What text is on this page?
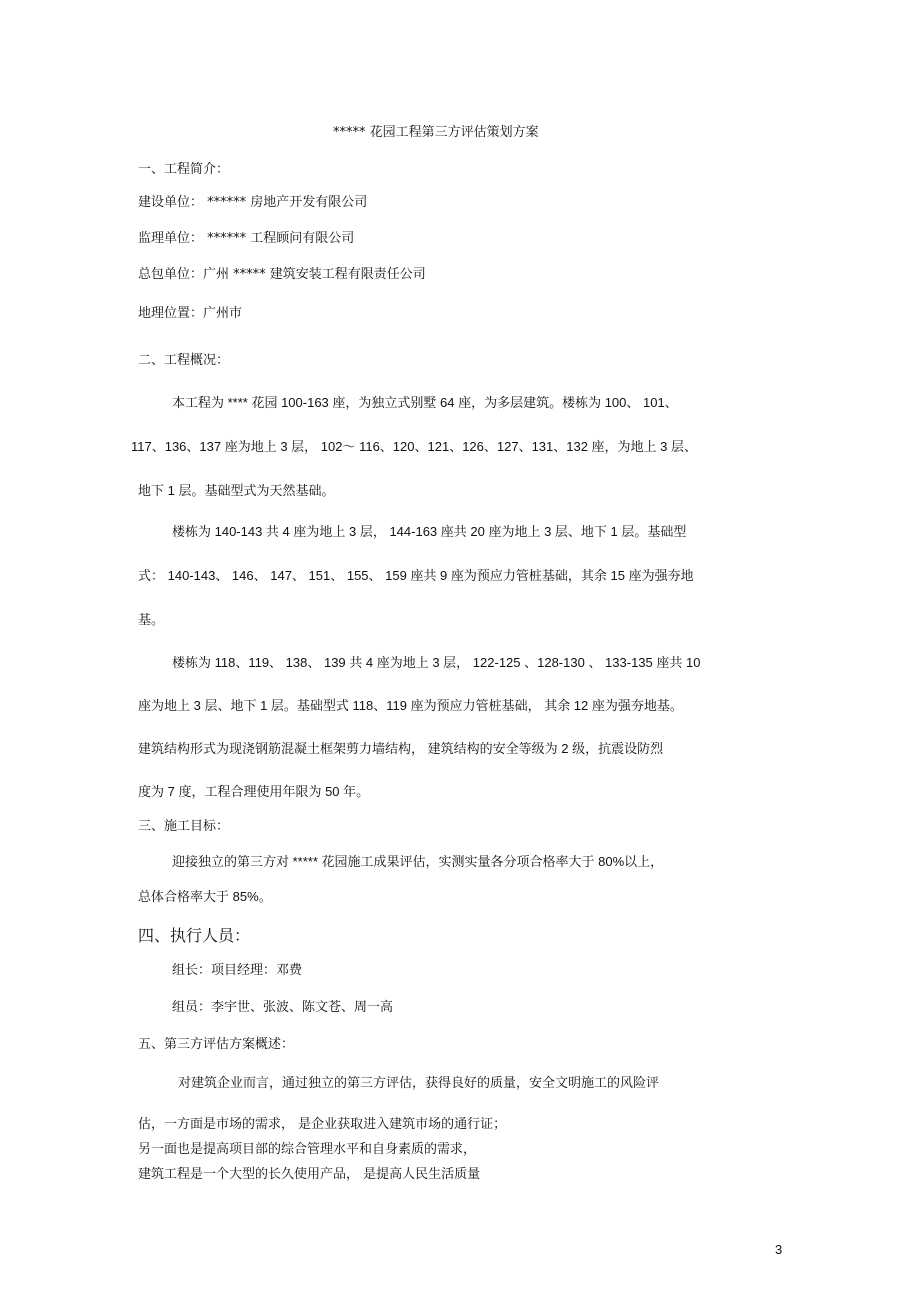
***** 花园工程第三方评估策划方案
一、工程简介：
建设单位： ****** 房地产开发有限公司
监理单位： ****** 工程顾问有限公司
总包单位：广州 ***** 建筑安装工程有限责任公司
地理位置：广州市
二、工程概况：
本工程为 **** 花园 100-163 座，为独立式别墅 64 座，为多层建筑。楼栋为 100、 101、
117、136、137 座为地上 3 层， 102～ 116、120、121、126、127、131、132 座，为地上 3 层、
地下 1 层。基础型式为天然基础。
楼栋为 140-143 共 4 座为地上 3 层， 144-163 座共 20 座为地上 3 层、地下 1 层。基础型
式： 140-143、 146、 147、 151、 155、 159 座共 9 座为预应力管桩基础，其余 15 座为强夯地
基。
楼栋为 118、119、 138、 139 共 4 座为地上 3 层， 122-125 、128-130 、 133-135 座共 10
座为地上 3 层、地下 1 层。基础型式 118、119 座为预应力管桩基础， 其余 12 座为强夯地基。
建筑结构形式为现浇钢筋混凝土框架剪力墙结构， 建筑结构的安全等级为 2 级，抗震设防烈
度为 7 度，工程合理使用年限为 50 年。
三、施工目标：
迎接独立的第三方对 ***** 花园施工成果评估，实测实量各分项合格率大于 80%以上，
总体合格率大于 85%。
四、执行人员：
组长：项目经理：邓费
组员：李宇世、张波、陈文苍、周一高
五、第三方评估方案概述：
对建筑企业而言，通过独立的第三方评估，获得良好的质量，安全文明施工的风险评
估，一方面是市场的需求， 是企业获取进入建筑市场的通行证；
另一面也是提高项目部的综合管理水平和自身素质的需求，
建筑工程是一个大型的长久使用产品， 是提高人民生活质量
3
